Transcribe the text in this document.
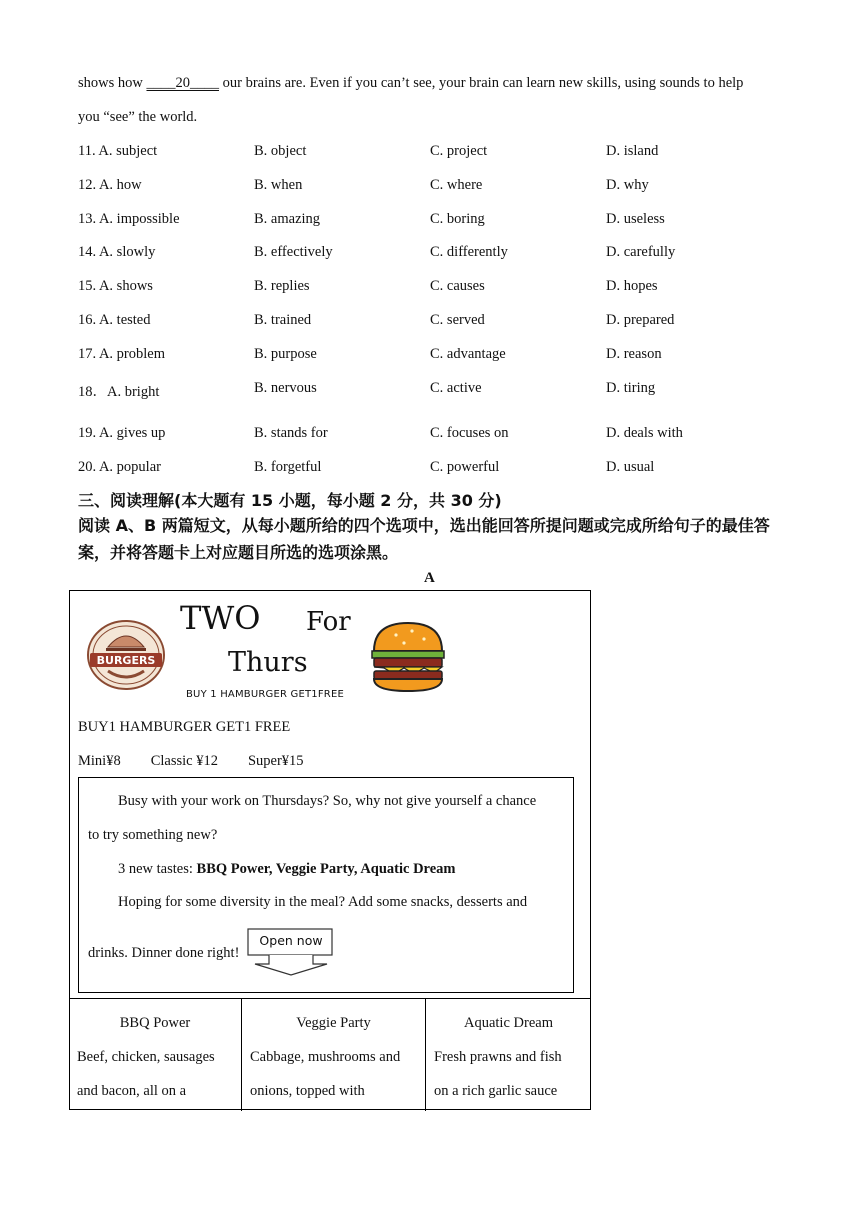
shows how ____20____ our brains are. Even if you can’t see, your brain can learn new skills, using sounds to help
you “see” the world.
11. A. subject	B. object	C. project	D. island
12. A. how	B. when	C. where	D. why
13. A. impossible	B. amazing	C. boring	D. useless
14. A. slowly	B. effectively	C. differently	D. carefully
15. A. shows	B. replies	C. causes	D. hopes
16. A. tested	B. trained	C. served	D. prepared
17. A. problem	B. purpose	C. advantage	D. reason
18．A. bright	B. nervous	C. active	D. tiring
19. A. gives up	B. stands for	C. focuses on	D. deals with
20. A. popular	B. forgetful	C. powerful	D. usual
三、阅读理解(本大题有 15 小题，每小题 2 分，共 30 分)
阅读 A、B 两篇短文，从每小题所给的四个选项中，选出能回答所提问题或完成所给句子的最佳答案，并将答题卡上对应题目所选的选项涂黑。
A
BURGERS
TWO For
Thurs
BUY 1 HAMBURGER GET1FREE
BUY1 HAMBURGER GET1 FREE
Mini¥8 Classic ¥12 Super¥15
Busy with your work on Thursdays? So, why not give yourself a chance
to try something new?
3 new tastes: BBQ Power, Veggie Party, Aquatic Dream
Hoping for some diversity in the meal? Add some snacks, desserts and
drinks. Dinner done right!
Open now
BBQ Power
Beef, chicken, sausages
and bacon, all on a
Veggie Party
Cabbage, mushrooms and
onions, topped with
Aquatic Dream
Fresh prawns and fish
on a rich garlic sauce
